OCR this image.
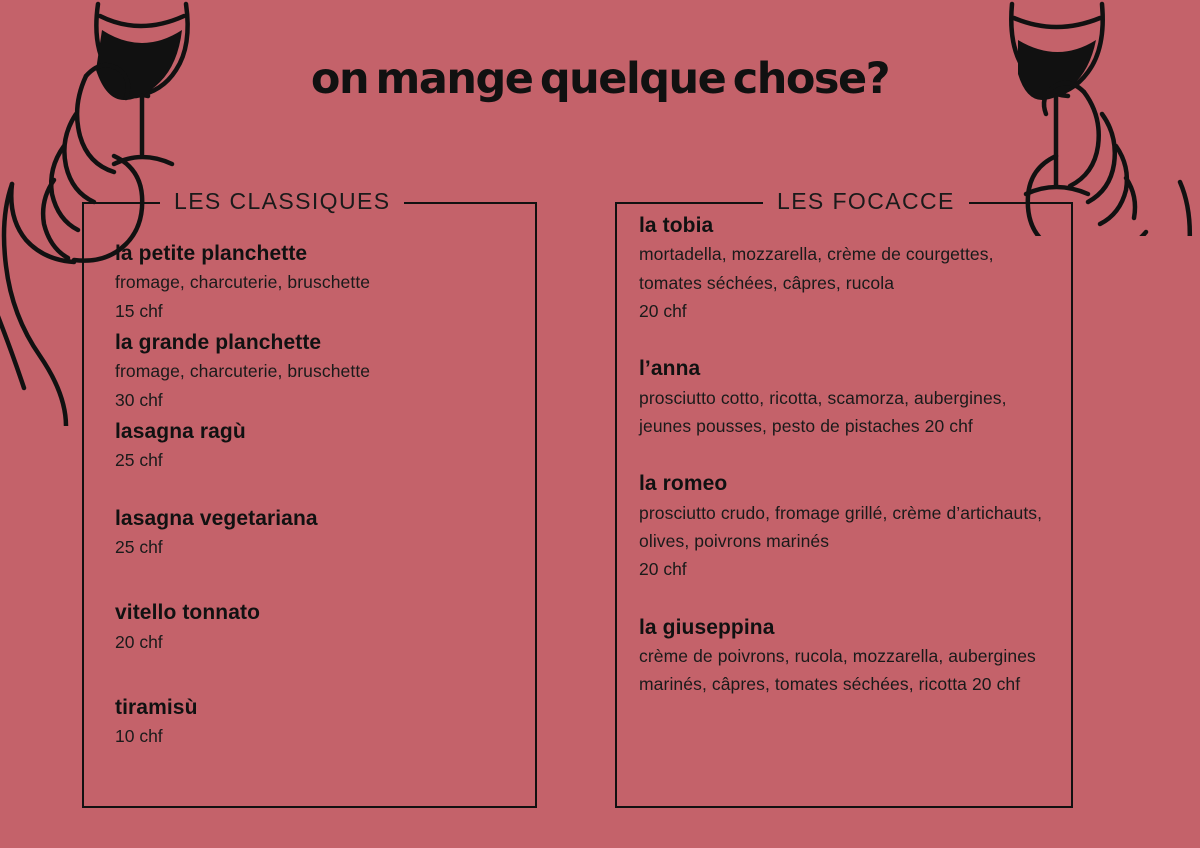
on mange quelque chose?
LES CLASSIQUES
la petite planchette
fromage, charcuterie, bruschette
15 chf
la grande planchette
fromage, charcuterie, bruschette
30 chf
lasagna ragù
25 chf
lasagna vegetariana
25 chf
vitello tonnato
20 chf
tiramisù
10 chf
LES FOCACCE
la tobia
mortadella, mozzarella, crème de courgettes, tomates séchées, câpres, rucola
20 chf
l’anna
prosciutto cotto, ricotta, scamorza, aubergines, jeunes pousses, pesto de pistaches 20 chf
la romeo
prosciutto crudo, fromage grillé, crème d’artichauts, olives, poivrons marinés
20 chf
la giuseppina
crème de poivrons, rucola, mozzarella, aubergines marinés, câpres, tomates séchées, ricotta 20 chf
